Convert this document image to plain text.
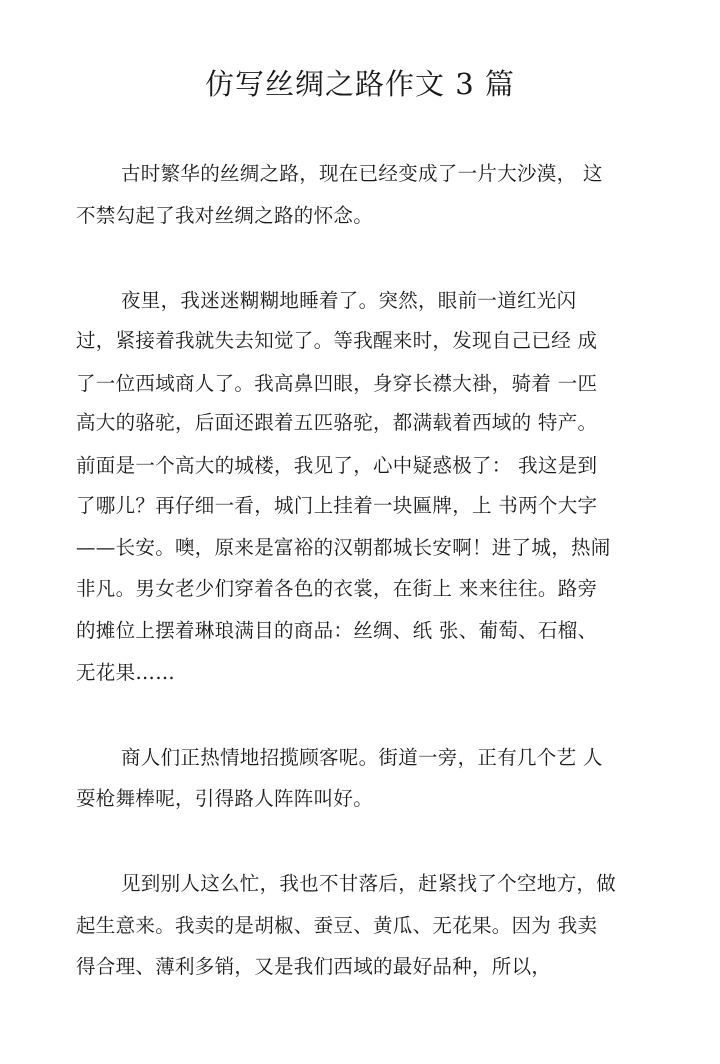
仿写丝绸之路作文 3 篇

古时繁华的丝绸之路，现在已经变成了一片大沙漠， 这

不禁勾起了我对丝绸之路的怀念。

夜里，我迷迷糊糊地睡着了。突然，眼前一道红光闪

过，紧接着我就失去知觉了。等我醒来时，发现自己已经 成

了一位西域商人了。我高鼻凹眼，身穿长襟大褂，骑着 一匹

高大的骆驼，后面还跟着五匹骆驼，都满载着西域的 特产。

前面是一个高大的城楼，我见了，心中疑惑极了： 我这是到

了哪儿？再仔细一看，城门上挂着一块匾牌，上 书两个大字

——长安。噢，原来是富裕的汉朝都城长安啊！进了城，热闹

非凡。男女老少们穿着各色的衣裳，在街上 来来往往。路旁

的摊位上摆着琳琅满目的商品：丝绸、纸 张、葡萄、石榴、

无花果……

商人们正热情地招揽顾客呢。街道一旁，正有几个艺 人

耍枪舞棒呢，引得路人阵阵叫好。

见到别人这么忙，我也不甘落后，赶紧找了个空地方，做

起生意来。我卖的是胡椒、蚕豆、黄瓜、无花果。因为 我卖

得合理、薄利多销，又是我们西域的最好品种，所以，
